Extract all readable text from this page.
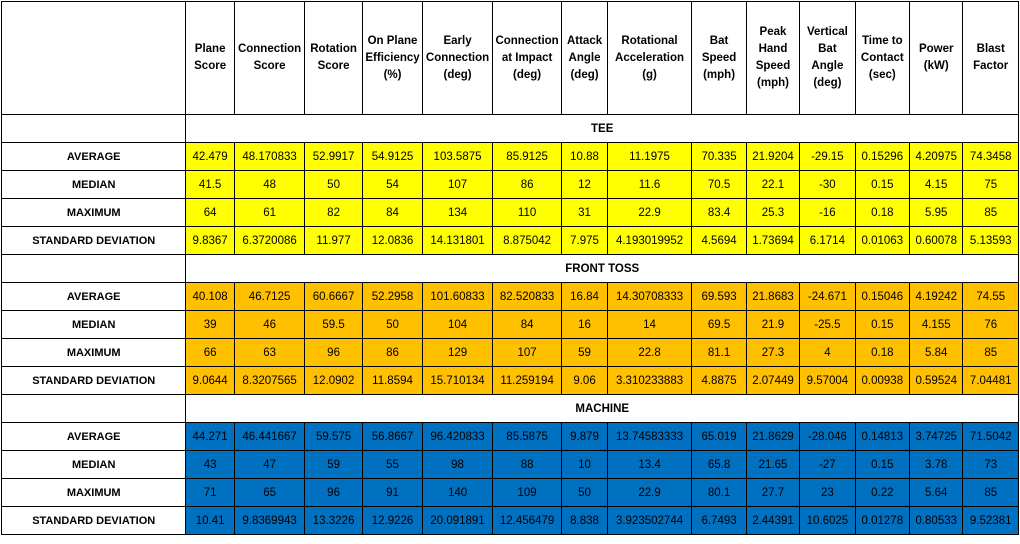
	Plane Score	Connection Score	Rotation Score	On Plane Efficiency (%)	Early Connection (deg)	Connection at Impact (deg)	Attack Angle (deg)	Rotational Acceleration (g)	Bat Speed (mph)	Peak Hand Speed (mph)	Vertical Bat Angle (deg)	Time to Contact (sec)	Power (kW)	Blast Factor
	TEE													
AVERAGE	42.479	48.170833	52.9917	54.9125	103.5875	85.9125	10.88	11.1975	70.335	21.9204	-29.15	0.15296	4.20975	74.3458
MEDIAN	41.5	48	50	54	107	86	12	11.6	70.5	22.1	-30	0.15	4.15	75
MAXIMUM	64	61	82	84	134	110	31	22.9	83.4	25.3	-16	0.18	5.95	85
STANDARD DEVIATION	9.8367	6.3720086	11.977	12.0836	14.131801	8.875042	7.975	4.193019952	4.5694	1.73694	6.1714	0.01063	0.60078	5.13593
	FRONT TOSS													
AVERAGE	40.108	46.7125	60.6667	52.2958	101.60833	82.520833	16.84	14.30708333	69.593	21.8683	-24.671	0.15046	4.19242	74.55
MEDIAN	39	46	59.5	50	104	84	16	14	69.5	21.9	-25.5	0.15	4.155	76
MAXIMUM	66	63	96	86	129	107	59	22.8	81.1	27.3	4	0.18	5.84	85
STANDARD DEVIATION	9.0644	8.3207565	12.0902	11.8594	15.710134	11.259194	9.06	3.310233883	4.8875	2.07449	9.57004	0.00938	0.59524	7.04481
	MACHINE													
AVERAGE	44.271	46.441667	59.575	56.8667	96.420833	85.5875	9.879	13.74583333	65.019	21.8629	-28.046	0.14813	3.74725	71.5042
MEDIAN	43	47	59	55	98	88	10	13.4	65.8	21.65	-27	0.15	3.78	73
MAXIMUM	71	65	96	91	140	109	50	22.9	80.1	27.7	23	0.22	5.64	85
STANDARD DEVIATION	10.41	9.8369943	13.3226	12.9226	20.091891	12.456479	8.838	3.923502744	6.7493	2.44391	10.6025	0.01278	0.80533	9.52381
